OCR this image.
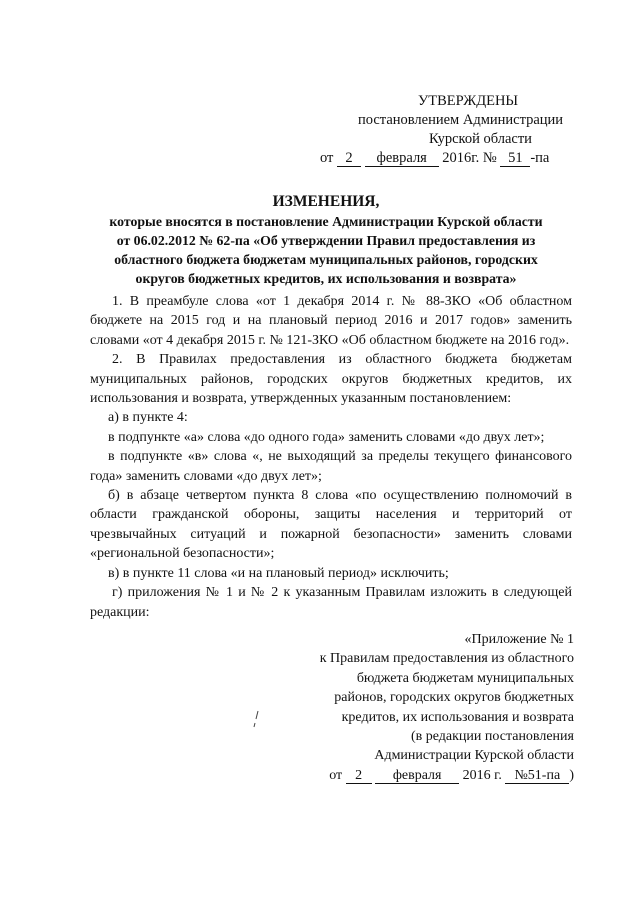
УТВЕРЖДЕНЫ
постановлением Администрации
Курской области
от 2 февраля 2016г. № 51 -па
ИЗМЕНЕНИЯ,

которые вносятся в постановление Администрации Курской области

от 06.02.2012 № 62-па «Об утверждении Правил предоставления из

областного бюджета бюджетам муниципальных районов, городских

округов бюджетных кредитов, их использования и возврата»

1. В преамбуле слова «от 1 декабря 2014 г. № 88-ЗКО «Об областном бюджете на 2015 год и на плановый период 2016 и 2017 годов» заменить словами «от 4 декабря 2015 г. № 121-ЗКО «Об областном бюджете на 2016 год».

2. В Правилах предоставления из областного бюджета бюджетам муниципальных районов, городских округов бюджетных кредитов, их использования и возврата, утвержденных указанным постановлением:

а) в пункте 4:

в подпункте «а» слова «до одного года» заменить словами «до двух лет»;

в подпункте «в» слова «, не выходящий за пределы текущего финансового года» заменить словами «до двух лет»;

б) в абзаце четвертом пункта 8 слова «по осуществлению полномочий в области гражданской обороны, защиты населения и территорий от чрезвычайных ситуаций и пожарной безопасности» заменить словами «региональной безопасности»;

в) в пункте 11 слова «и на плановый период» исключить;

г) приложения № 1 и № 2 к указанным Правилам изложить в следующей редакции:

«Приложение № 1
к Правилам предоставления из областного
бюджета бюджетам муниципальных
районов, городских округов бюджетных
кредитов, их использования и возврата
(в редакции постановления
Администрации Курской области
от 2 февраля 2016 г. №51-па )
